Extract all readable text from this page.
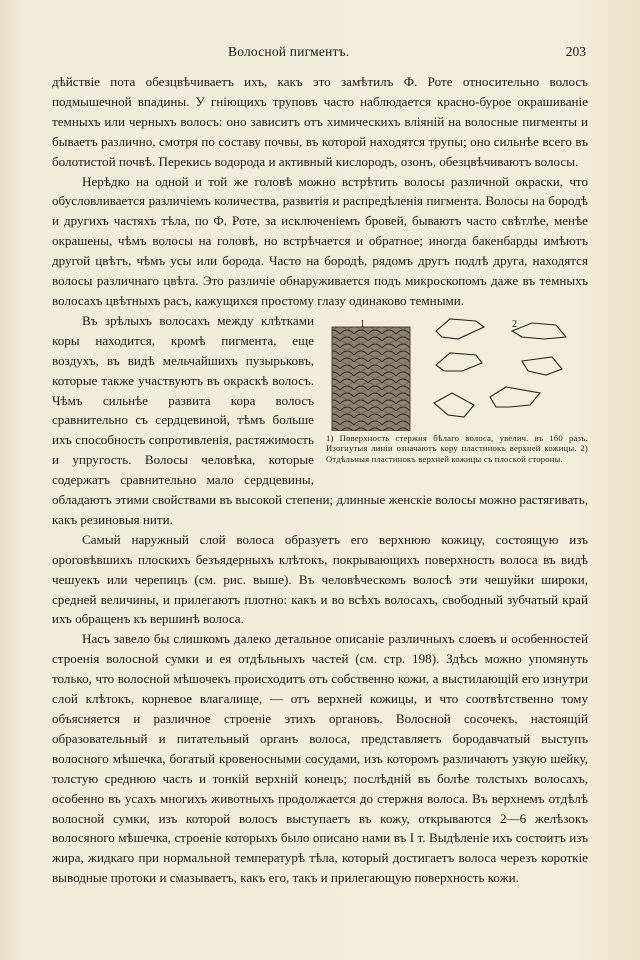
Волосной пигментъ.	203

дѣйствіе пота обезцвѣчиваетъ ихъ, какъ это замѣтилъ Ф. Роте относительно волосъ подмышечной впадины. У гніющихъ труповъ часто наблюдается красно-бурое окрашиваніе темныхъ или черныхъ волосъ: оно зависитъ отъ химическихъ вліяній на волосные пигменты и бываетъ различно, смотря по составу почвы, въ которой находятся трупы; оно сильнѣе всего въ болотистой почвѣ. Перекись водорода и активный кислородъ, озонъ, обезцвѣчиваютъ волосы.

Нерѣдко на одной и той же головѣ можно встрѣтить волосы различной окраски, что обусловливается различіемъ количества, развитія и распредѣленія пигмента. Волосы на бородѣ и другихъ частяхъ тѣла, по Ф. Роте, за исключеніемъ бровей, бываютъ часто свѣтлѣе, менѣе окрашены, чѣмъ волосы на головѣ, но встрѣчается и обратное; иногда бакенбарды имѣютъ другой цвѣтъ, чѣмъ усы или борода. Часто на бородѣ, рядомъ другъ подлѣ друга, находятся волосы различнаго цвѣта. Это различіе обнаруживается подъ микроскопомъ даже въ темныхъ волосахъ цвѣтныхъ расъ, кажущихся простому глазу одинаково темными.

1	2
1) Поверхность стержня бѣлаго волоса, увелич. въ 160 разъ. Изогнутыя линіи означаютъ кору пластинокъ верхней кожицы. 2) Отдѣльныя пластинокъ верхней кожицы съ плоской стороны.

Въ зрѣлыхъ волосахъ между клѣтками коры находится, кромѣ пигмента, еще воздухъ, въ видѣ мельчайшихъ пузырьковъ, которые также участвуютъ въ окраскѣ волосъ. Чѣмъ сильнѣе развита кора волосъ сравнительно съ сердцевиной, тѣмъ больше ихъ способность сопротивленія, растяжимость и упругость. Волосы человѣка, которые содержатъ сравнительно мало сердцевины, обладаютъ этими свойствами въ высокой степени; длинные женскіе волосы можно растягивать, какъ резиновыя нити.

Самый наружный слой волоса образуетъ его верхнюю кожицу, состоящую изъ ороговѣвшихъ плоскихъ безъядерныхъ клѣтокъ, покрывающихъ поверхность волоса въ видѣ чешуекъ или черепицъ (см. рис. выше). Въ человѣческомъ волосѣ эти чешуйки широки, средней величины, и прилегаютъ плотно: какъ и во всѣхъ волосахъ, свободный зубчатый край ихъ обращенъ къ вершинѣ волоса.

Насъ завело бы слишкомъ далеко детальное описаніе различныхъ слоевъ и особенностей строенія волосной сумки и ея отдѣльныхъ частей (см. стр. 198). Здѣсь можно упомянуть только, что волосной мѣшочекъ происходитъ отъ собственно кожи, а выстилающій его изнутри слой клѣтокъ, корневое влагалище, — отъ верхней кожицы, и что соотвѣтственно тому объясняется и различное строеніе этихъ органовъ. Волосной сосочекъ, настоящій образовательный и питательный органъ волоса, представляетъ бородавчатый выступъ волосного мѣшечка, богатый кровеносными сосудами, изъ которомъ различаютъ узкую шейку, толстую среднюю часть и тонкій верхній конецъ; послѣдній въ болѣе толстыхъ волосахъ, особенно въ усахъ многихъ животныхъ продолжается до стержня волоса. Въ верхнемъ отдѣлѣ волосной сумки, изъ которой волосъ выступаетъ въ кожу, открываются 2—6 желѣзокъ волосяного мѣшечка, строеніе которыхъ было описано нами въ I т. Выдѣленіе ихъ состоитъ изъ жира, жидкаго при нормальной температурѣ тѣла, который достигаетъ волоса черезъ короткіе выводные протоки и смазываетъ, какъ его, такъ и прилегающую поверхность кожи.
